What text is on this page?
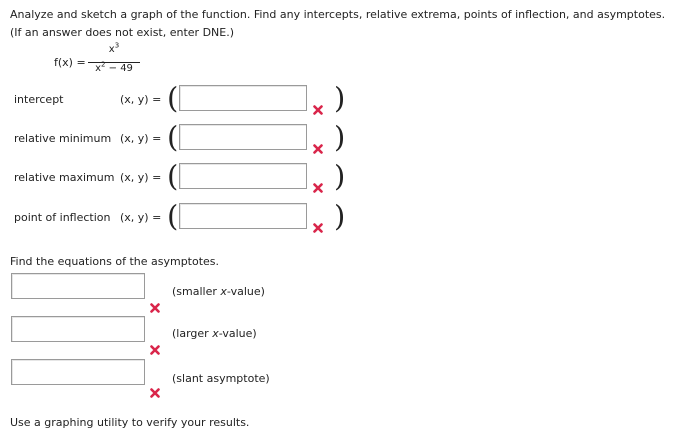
Analyze and sketch a graph of the function. Find any intercepts, relative extrema, points of inflection, and asymptotes. (If an answer does not exist, enter DNE.)
f(x) =
$x^3$
$x^2 - 49$
intercept	(x, y) = (	)
relative minimum (x, y) = (	)
relative maximum (x, y) = (	)
point of inflection (x, y) = (	)
Find the equations of the asymptotes.
(smaller x-value)
(larger x-value)
(slant asymptote)
Use a graphing utility to verify your results.
